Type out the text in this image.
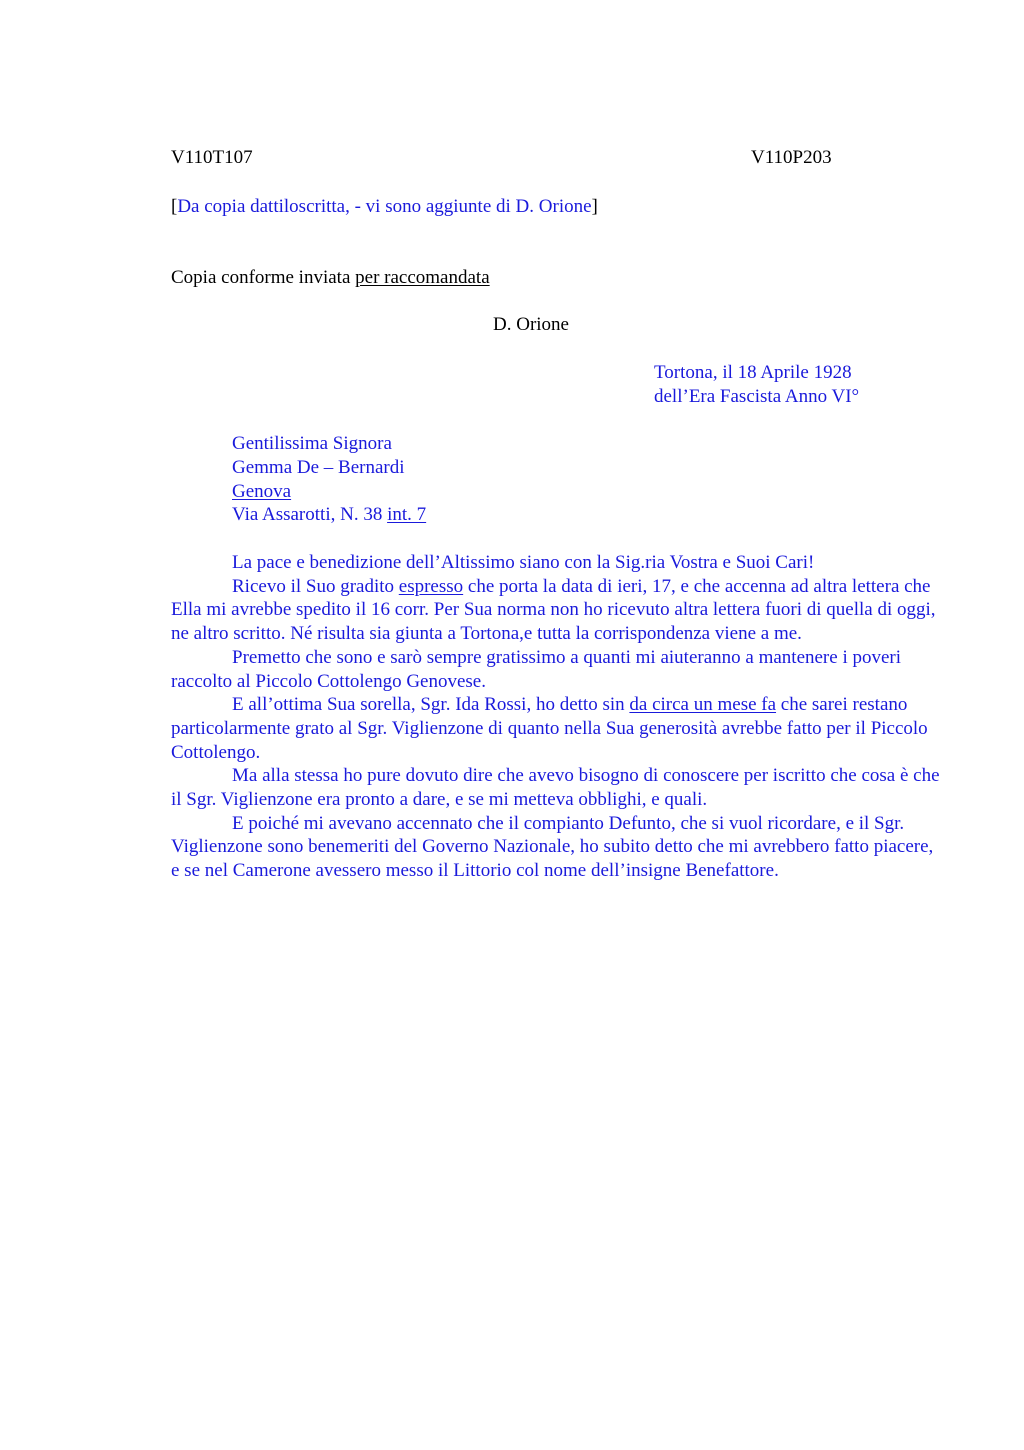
V110T107	V110P203
[Da copia dattiloscritta, - vi sono aggiunte di D. Orione]
Copia conforme inviata per raccomandata
D. Orione
Tortona, il 18 Aprile 1928
dell’Era Fascista Anno VI°
Gentilissima Signora
Gemma De – Bernardi
Genova
Via Assarotti, N. 38 int. 7

La pace e benedizione dell’Altissimo siano con la Sig.ria Vostra e Suoi Cari!

Ricevo il Suo gradito espresso che porta la data di ieri, 17, e che accenna ad altra lettera che Ella mi avrebbe spedito il 16 corr. Per Sua norma non ho ricevuto altra lettera fuori di quella di oggi, ne altro scritto. Né risulta sia giunta a Tortona,e tutta la corrispondenza viene a me.

Premetto che sono e sarò sempre gratissimo a quanti mi aiuteranno a mantenere i poveri raccolto al Piccolo Cottolengo Genovese.

E all’ottima Sua sorella, Sgr. Ida Rossi, ho detto sin da circa un mese fa che sarei restano particolarmente grato al Sgr. Viglienzone di quanto nella Sua generosità avrebbe fatto per il Piccolo Cottolengo.

Ma alla stessa ho pure dovuto dire che avevo bisogno di conoscere per iscritto che cosa è che il Sgr. Viglienzone era pronto a dare, e se mi metteva obblighi, e quali.

E poiché mi avevano accennato che il compianto Defunto, che si vuol ricordare, e il Sgr. Viglienzone sono benemeriti del Governo Nazionale, ho subito detto che mi avrebbero fatto piacere, e se nel Camerone avessero messo il Littorio col nome dell’insigne Benefattore.
